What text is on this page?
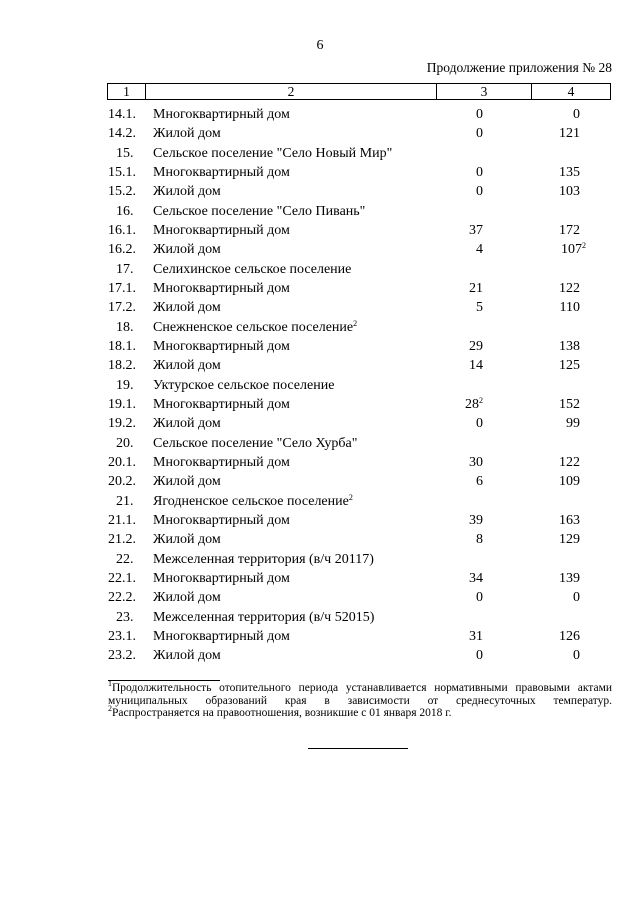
6
Продолжение приложения № 28
1	2	3	4
14.1.	Многоквартирный дом	0	0
14.2.	Жилой дом	0	121
15.	Сельское поселение "Село Новый Мир"
15.1.	Многоквартирный дом	0	135
15.2.	Жилой дом	0	103
16.	Сельское поселение "Село Пивань"
16.1.	Многоквартирный дом	37	172
16.2.	Жилой дом	4	$107^2$
17.	Селихинское сельское поселение
17.1.	Многоквартирный дом	21	122
17.2.	Жилой дом	5	110
18.	Снежненское сельское поселение$^2$
18.1.	Многоквартирный дом	29	138
18.2.	Жилой дом	14	125
19.	Уктурское сельское поселение
19.1.	Многоквартирный дом	$28^2$	152
19.2.	Жилой дом	0	99
20.	Сельское поселение "Село Хурба"
20.1.	Многоквартирный дом	30	122
20.2.	Жилой дом	6	109
21.	Ягодненское сельское поселение$^2$
21.1.	Многоквартирный дом	39	163
21.2.	Жилой дом	8	129
22.	Межселенная территория (в/ч 20117)
22.1.	Многоквартирный дом	34	139
22.2.	Жилой дом	0	0
23.	Межселенная территория (в/ч 52015)
23.1.	Многоквартирный дом	31	126
23.2.	Жилой дом	0	0

$^1$Продолжительность отопительного периода устанавливается нормативными правовыми актами муниципальных образований края в зависимости от среднесуточных температур.

$^2$Распространяется на правоотношения, возникшие с 01 января 2018 г.
